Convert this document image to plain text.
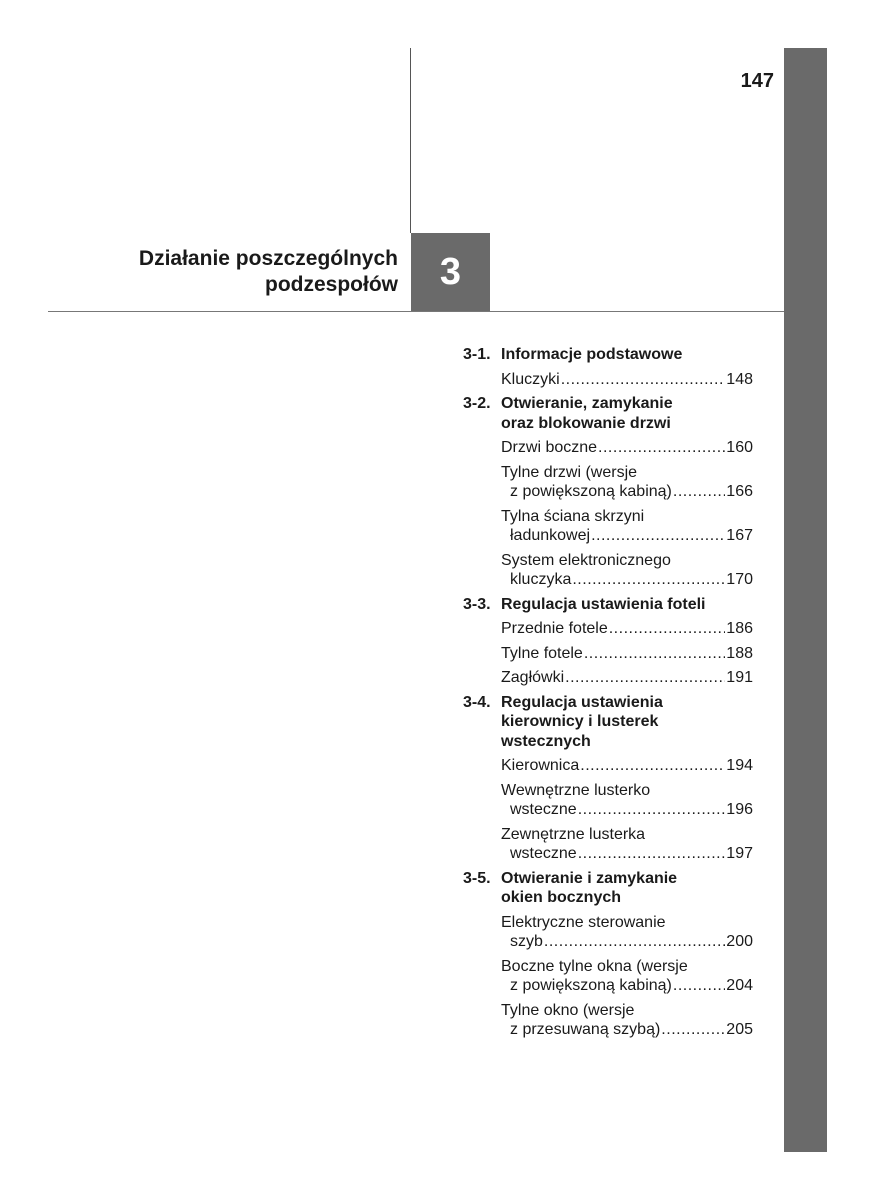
147
3
Działanie poszczególnych
podzespołów
3-1. Informacje podstawowe
Kluczyki .....	148
3-2. Otwieranie, zamykanie
oraz blokowanie drzwi
Drzwi boczne .....	160
Tylne drzwi (wersje
z powiększoną kabiną) .....	166
Tylna ściana skrzyni
ładunkowej .....	167
System elektronicznego
kluczyka .....	170
3-3. Regulacja ustawienia foteli
Przednie fotele .....	186
Tylne fotele .....	188
Zagłówki .....	191
3-4. Regulacja ustawienia
kierownicy i lusterek
wstecznych
Kierownica .....	194
Wewnętrzne lusterko
wsteczne .....	196
Zewnętrzne lusterka
wsteczne .....	197
3-5. Otwieranie i zamykanie
okien bocznych
Elektryczne sterowanie
szyb .....	200
Boczne tylne okna (wersje
z powiększoną kabiną) .....	204
Tylne okno (wersje
z przesuwaną szybą) .....	205
